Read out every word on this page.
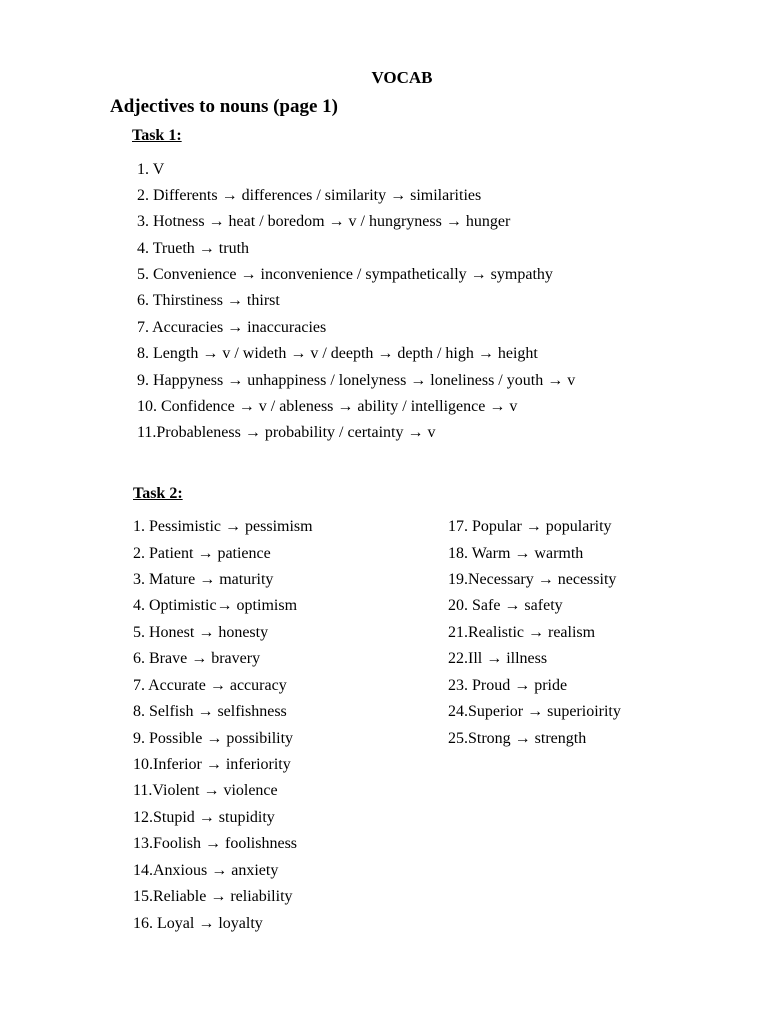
VOCAB
Adjectives to nouns (page 1)
Task 1:
1. V
2. Differents → differences / similarity → similarities
3. Hotness → heat / boredom → v / hungryness → hunger
4. Trueth → truth
5. Convenience → inconvenience / sympathetically → sympathy
6. Thirstiness → thirst
7. Accuracies → inaccuracies
8. Length → v / wideth → v / deepth → depth / high → height
9. Happyness → unhappiness / lonelyness → loneliness / youth → v
10. Confidence → v / ableness → ability / intelligence → v
11.Probableness → probability / certainty → v
Task 2:
1. Pessimistic → pessimism
2. Patient → patience
3. Mature → maturity
4. Optimistic→ optimism
5. Honest → honesty
6. Brave → bravery
7. Accurate → accuracy
8. Selfish → selfishness
9. Possible → possibility
10.Inferior → inferiority
11.Violent → violence
12.Stupid → stupidity
13.Foolish → foolishness
14.Anxious → anxiety
15.Reliable → reliability
16. Loyal → loyalty
17. Popular → popularity
18. Warm → warmth
19.Necessary → necessity
20. Safe → safety
21.Realistic → realism
22.Ill → illness
23. Proud → pride
24.Superior → superioirity
25.Strong → strength
